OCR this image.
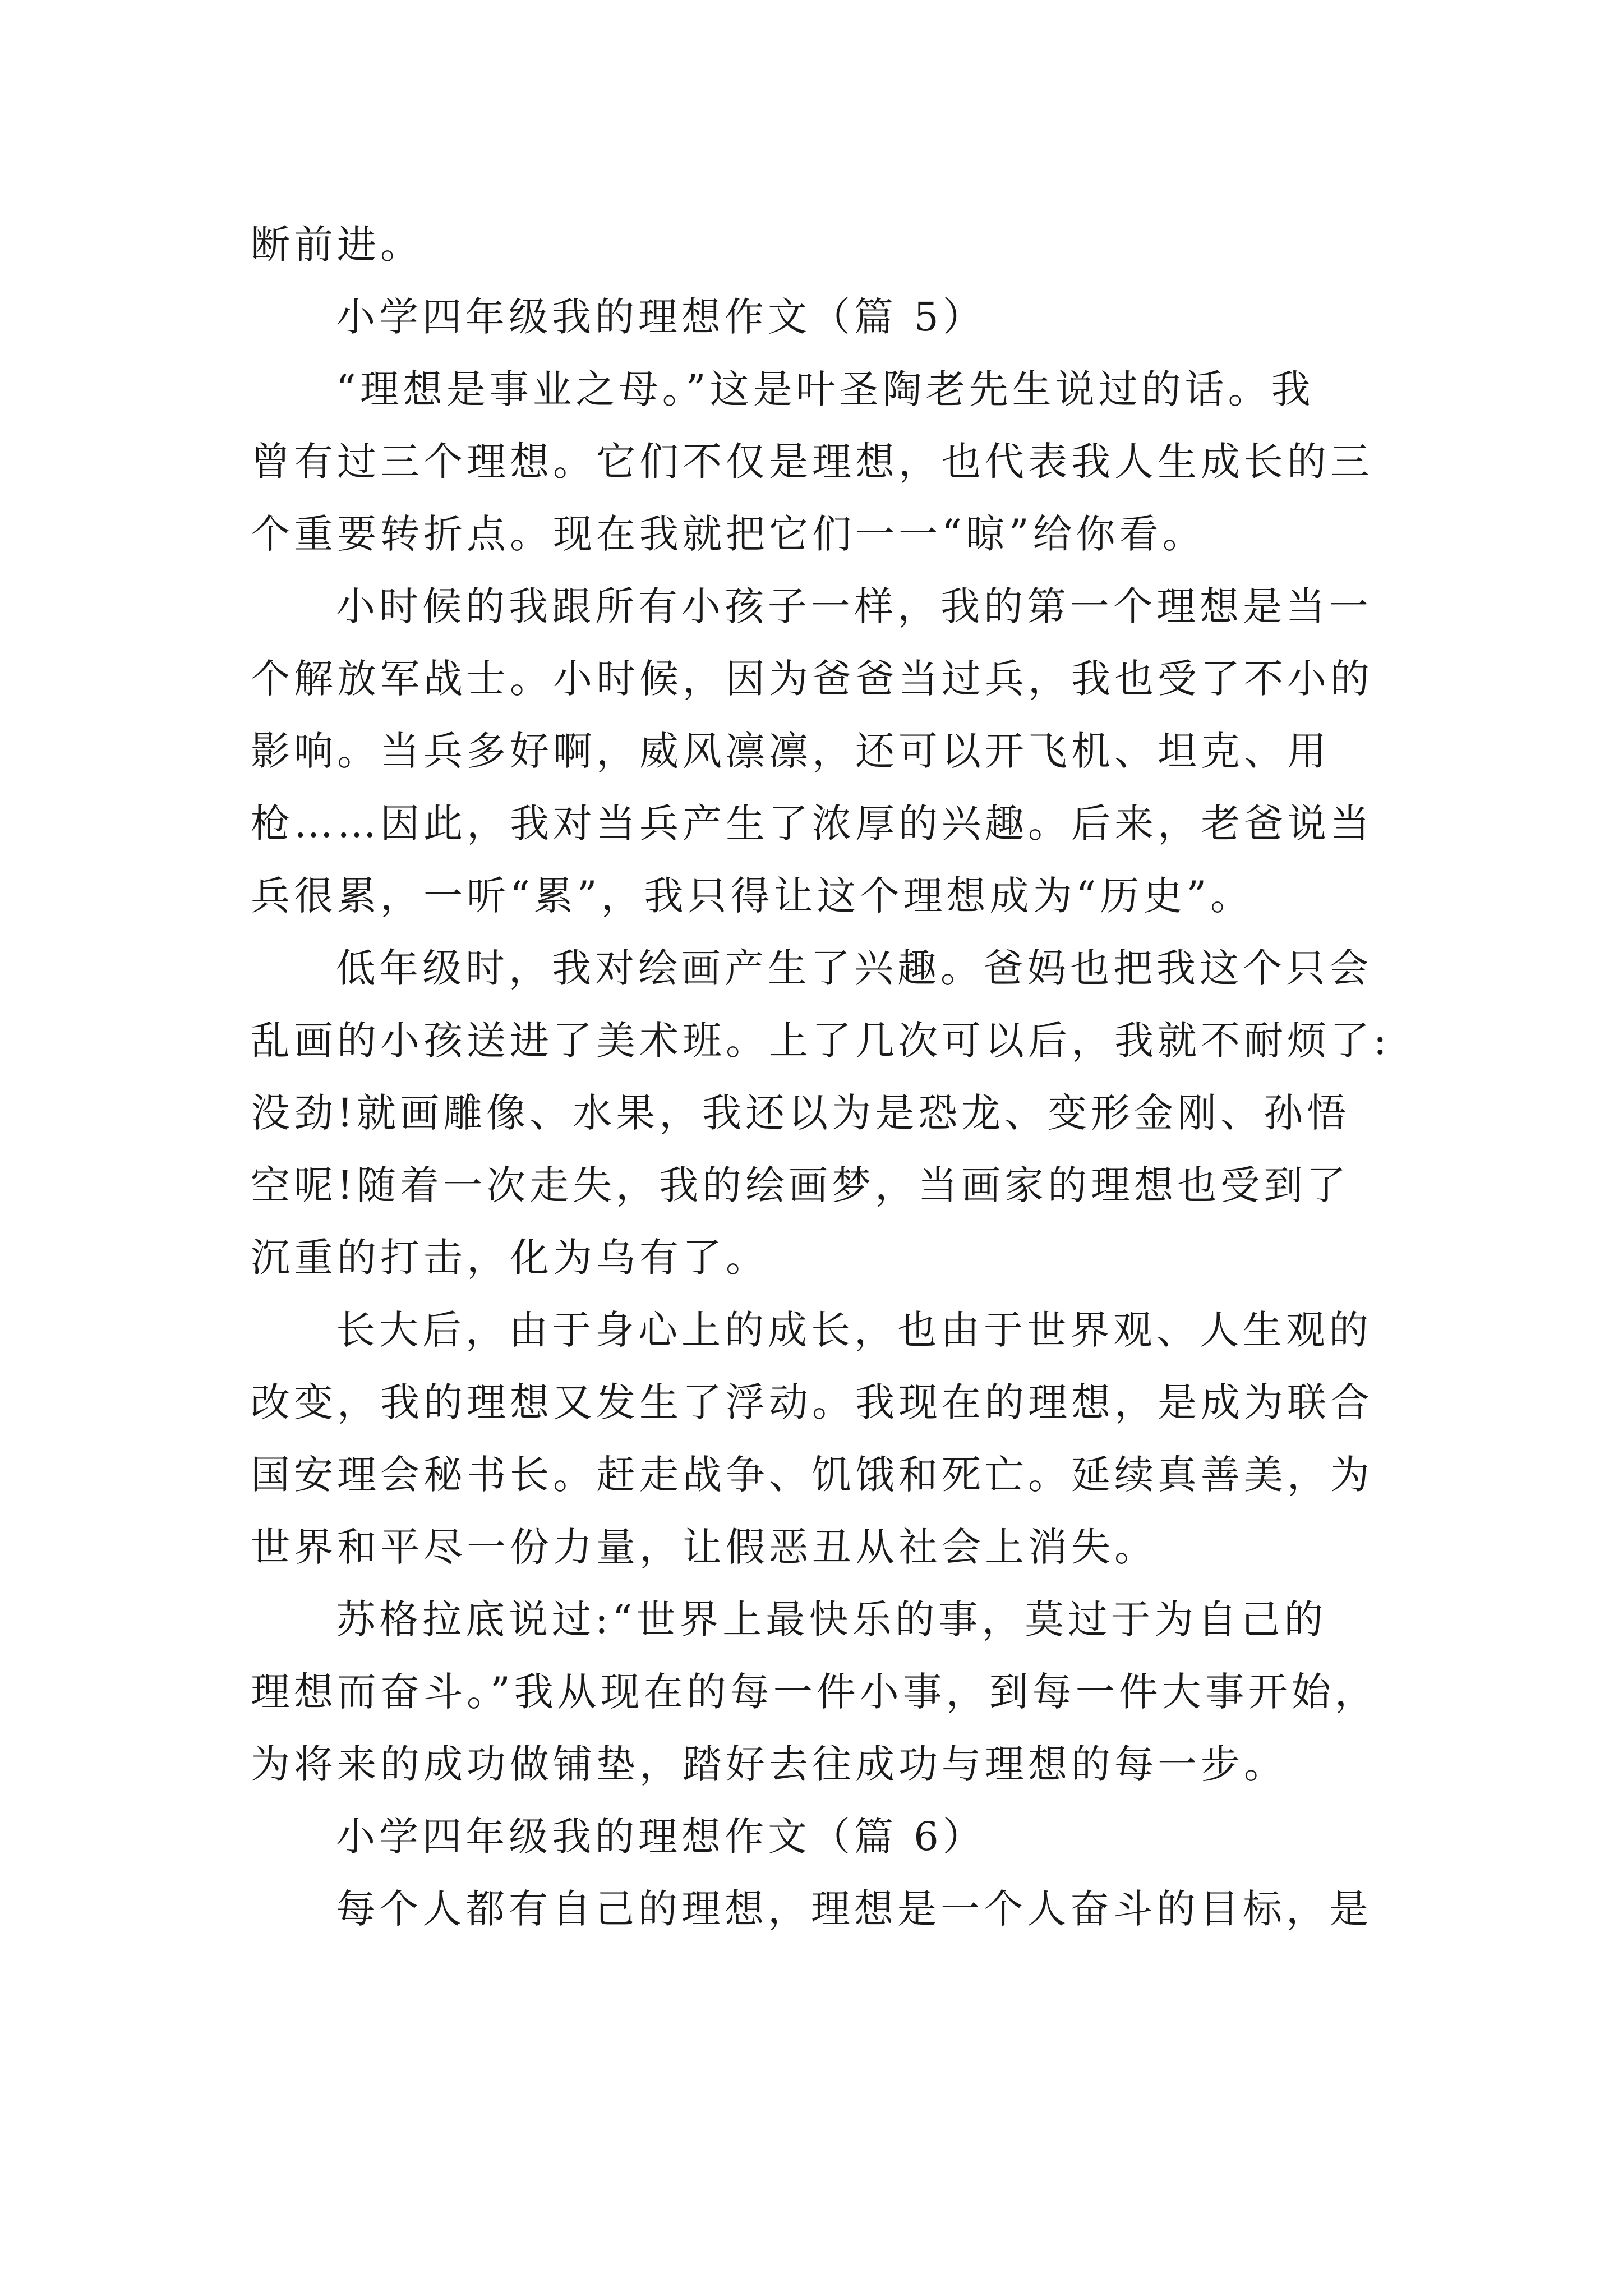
断前进。
小学四年级我的理想作文（篇 5）
“理想是事业之母。”这是叶圣陶老先生说过的话。我
曾有过三个理想。它们不仅是理想，也代表我人生成长的三
个重要转折点。现在我就把它们一一“晾”给你看。
小时候的我跟所有小孩子一样，我的第一个理想是当一
个解放军战士。小时候，因为爸爸当过兵，我也受了不小的
影响。当兵多好啊，威风凛凛，还可以开飞机、坦克、用
枪……因此，我对当兵产生了浓厚的兴趣。后来，老爸说当
兵很累，一听“累”，我只得让这个理想成为“历史”。
低年级时，我对绘画产生了兴趣。爸妈也把我这个只会
乱画的小孩送进了美术班。上了几次可以后，我就不耐烦了:
没劲!就画雕像、水果，我还以为是恐龙、变形金刚、孙悟
空呢!随着一次走失，我的绘画梦，当画家的理想也受到了
沉重的打击，化为乌有了。
长大后，由于身心上的成长，也由于世界观、人生观的
改变，我的理想又发生了浮动。我现在的理想，是成为联合
国安理会秘书长。赶走战争、饥饿和死亡。延续真善美，为
世界和平尽一份力量，让假恶丑从社会上消失。
苏格拉底说过:“世界上最快乐的事，莫过于为自己的
理想而奋斗。”我从现在的每一件小事，到每一件大事开始，
为将来的成功做铺垫，踏好去往成功与理想的每一步。
小学四年级我的理想作文（篇 6）
每个人都有自己的理想，理想是一个人奋斗的目标，是
